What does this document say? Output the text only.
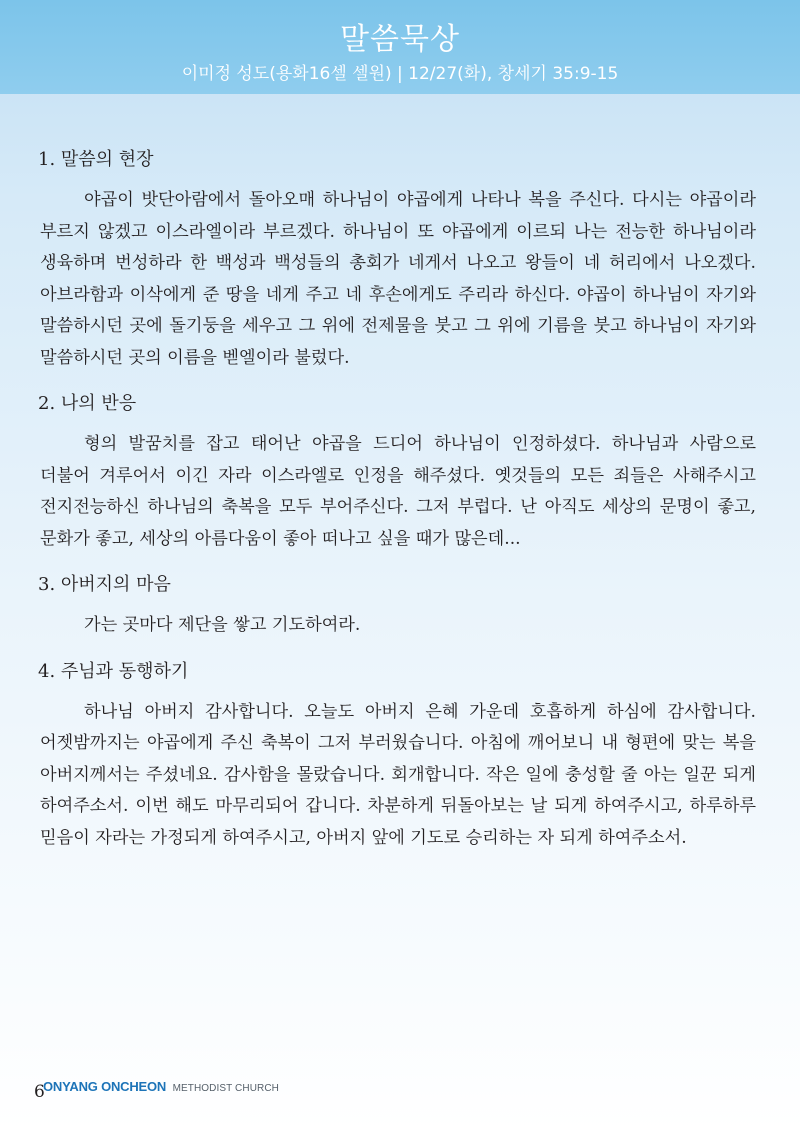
말씀묵상
이미정 성도(용화16셀 셀원) | 12/27(화), 창세기 35:9-15
1. 말씀의 현장

야곱이 밧단아람에서 돌아오매 하나님이 야곱에게 나타나 복을 주신다. 다시는 야곱이라 부르지 않겠고 이스라엘이라 부르겠다. 하나님이 또 야곱에게 이르되 나는 전능한 하나님이라 생육하며 번성하라 한 백성과 백성들의 총회가 네게서 나오고 왕들이 네 허리에서 나오겠다. 아브라함과 이삭에게 준 땅을 네게 주고 네 후손에게도 주리라 하신다. 야곱이 하나님이 자기와 말씀하시던 곳에 돌기둥을 세우고 그 위에 전제물을 붓고 그 위에 기름을 붓고 하나님이 자기와 말씀하시던 곳의 이름을 벧엘이라 불렀다.

2. 나의 반응

형의 발꿈치를 잡고 태어난 야곱을 드디어 하나님이 인정하셨다. 하나님과 사람으로 더불어 겨루어서 이긴 자라 이스라엘로 인정을 해주셨다. 옛것들의 모든 죄들은 사해주시고 전지전능하신 하나님의 축복을 모두 부어주신다. 그저 부럽다. 난 아직도 세상의 문명이 좋고, 문화가 좋고, 세상의 아름다움이 좋아 떠나고 싶을 때가 많은데...

3. 아버지의 마음

가는 곳마다 제단을 쌓고 기도하여라.

4. 주님과 동행하기

하나님 아버지 감사합니다. 오늘도 아버지 은혜 가운데 호흡하게 하심에 감사합니다. 어젯밤까지는 야곱에게 주신 축복이 그저 부러웠습니다. 아침에 깨어보니 내 형편에 맞는 복을 아버지께서는 주셨네요. 감사함을 몰랐습니다. 회개합니다. 작은 일에 충성할 줄 아는 일꾼 되게 하여주소서. 이번 해도 마무리되어 갑니다. 차분하게 뒤돌아보는 날 되게 하여주시고, 하루하루 믿음이 자라는 가정되게 하여주시고, 아버지 앞에 기도로 승리하는 자 되게 하여주소서.

6
ONYANG ONCHEON METHODIST CHURCH
